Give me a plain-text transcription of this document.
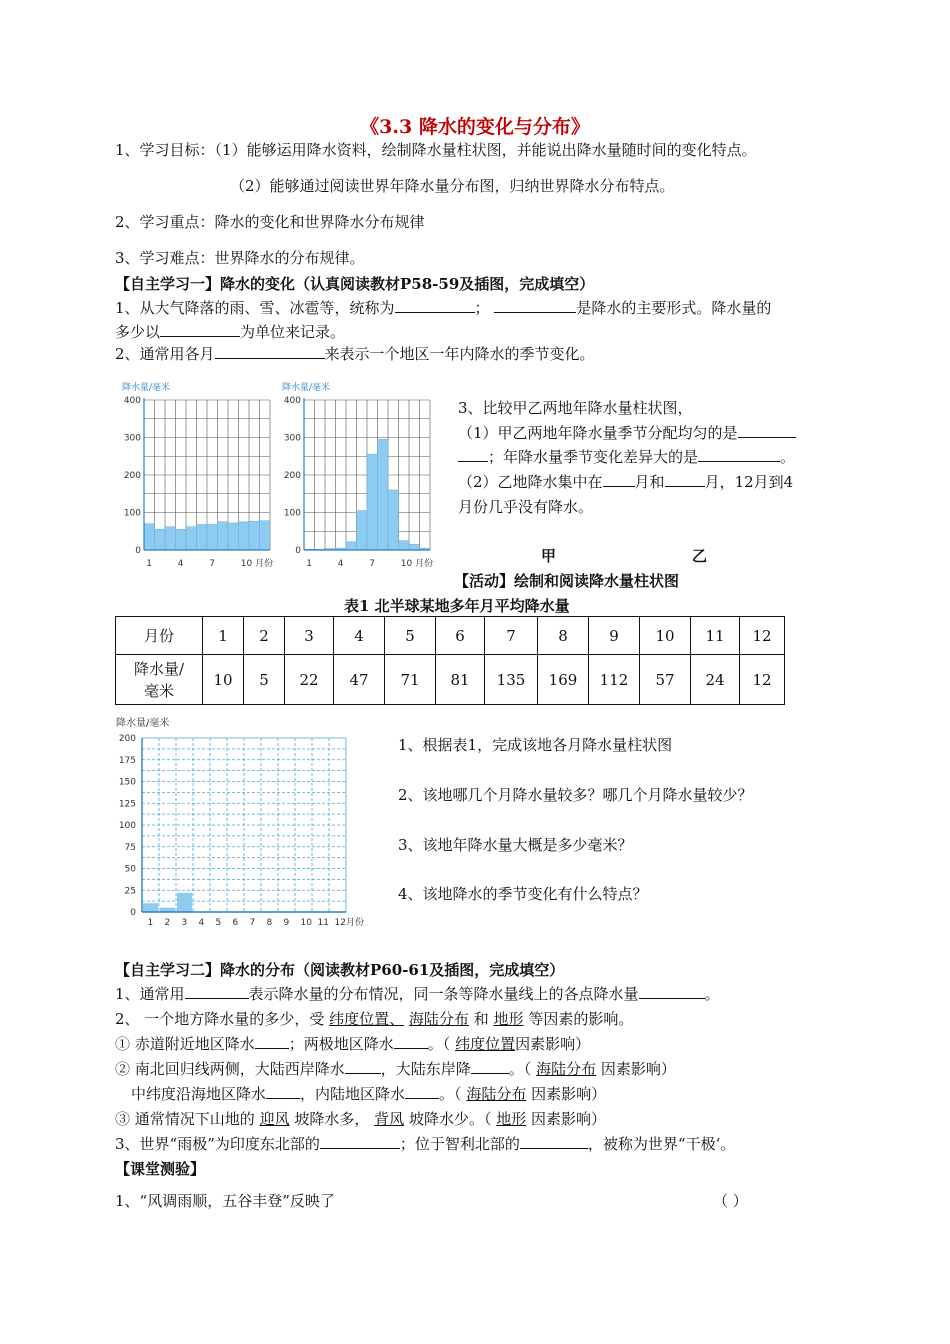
《3.3 降水的变化与分布》
1、学习目标：（1）能够运用降水资料，绘制降水量柱状图，并能说出降水量随时间的变化特点。
（2）能够通过阅读世界年降水量分布图，归纳世界降水分布特点。
2、学习重点：降水的变化和世界降水分布规律
3、学习难点：世界降水的分布规律。
【自主学习一】降水的变化（认真阅读教材P58-59及插图，完成填空）
1、从大气降落的雨、雪、冰雹等，统称为	；	是降水的主要形式。降水量的
多少以	为单位来记录。
2、通常用各月	来表示一个地区一年内降水的季节变化。
降水量/毫米
0
100
200
300
400
1	4	7	10 月份
降水量/毫米
0
100
200
300
400
1	4	7	10 月份
3、比较甲乙两地年降水量柱状图，
（1）甲乙两地年降水量季节分配均匀的是
；年降水量季节变化差异大的是	。
（2）乙地降水集中在 月和	月，12月到4
月份几乎没有降水。
甲	乙
【活动】绘制和阅读降水量柱状图
表1 北半球某地多年月平均降水量
月份	1	2	3	4	5	6	7	8	9	10	11	12
降水量/
毫米	10	5	22	47	71	81	135	169	112	57	24	12
降水量/毫米
0
25
50
75
100
125
150
175
200
1 2 3 4 5 6 7 8 9 10 11 12月份
1、根据表1，完成该地各月降水量柱状图
2、该地哪几个月降水量较多？哪几个月降水量较少？
3、该地年降水量大概是多少毫米？
4、该地降水的季节变化有什么特点？
【自主学习二】降水的分布（阅读教材P60-61及插图，完成填空）
1、通常用	表示降水量的分布情况，同一条等降水量线上的各点降水量	。
2、 一个地方降水量的多少，受 纬度位置、 海陆分布 和 地形 等因素的影响。
① 赤道附近地区降水 ；两极地区降水 。（ 纬度位置因素影响）
② 南北回归线两侧，大陆西岸降水 ，大陆东岸降	。（ 海陆分布 因素影响）
中纬度沿海地区降水 ，内陆地区降水 。（ 海陆分布 因素影响）
③ 通常情况下山地的 迎风 坡降水多， 背风 坡降水少。（ 地形 因素影响）
3、世界“雨极”为印度东北部的	；位于智利北部的	，被称为世界“干极‘。
【课堂测验】
1、“风调雨顺，五谷丰登”反映了	（ ）
